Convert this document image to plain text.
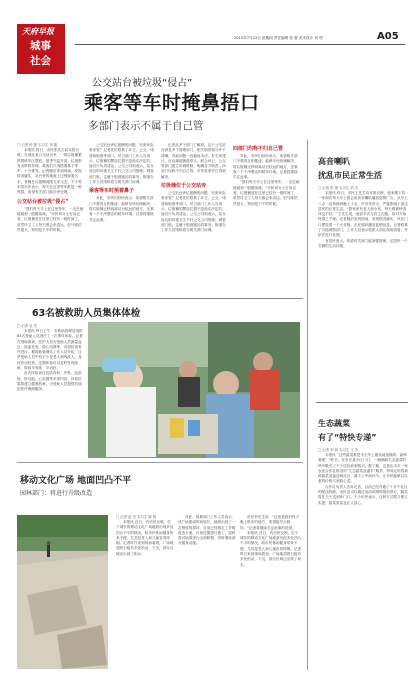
天府早报
城事
社会
2015年7月23日 星期四 责任编辑 张 蕾 美术设计 刘 珺	A05
公交站台被垃圾“侵占”
乘客等车时掩鼻捂口
多部门表示不属于自己管
□ 记者 钟 蕾 实习生 李 璇

本报讯 昨日，市民张先生向本报反映，在城北某公交站台旁，一排垃圾桶紧挨着候车区摆放，夏季气温升高，垃圾散发出阵阵异味，乘客们只得捂着鼻子等车，十分难受。记者随后来到现场，发现情况属实，站台旁的地面上还残留着污水，苍蝇在垃圾桶周围飞来飞去。不少等车的市民表示，每天在这里等车都是一种煎熬，希望有关部门能尽快处理。

公交站台被垃圾“侵占”

“我们每天早上在这里等车，一走近就能闻到一股酸臭味。”市民刘女士告诉记者，垃圾桶放在这里已经有一段时间了，虽然环卫工人每天都会来清运，但气味依然很大，特别是下午的时候。

公交站台旁垃圾桶的问题，究竟该由谁来管？记者先后联系了环卫、公交、城管和街道等部门。环卫部门工作人员表示，垃圾桶的摆放位置不是他们决定的，他们只负责清运；公交公司则表示，站台周边的环境卫生不归公交公司管理；城管部门称，这属于街道辖区的事务；街道办工作人员则称将与相关部门协调。

乘客等车时捂着鼻子

对此，市民们纷纷表示，希望相关部门不要再互相推诿，能够尽快协调解决，将垃圾桶迁移到离站台较远的地方，还乘客一个干净整洁的候车环境。记者将继续关注此事。

记者从多个部门了解到，由于公交站台涉及多个管理部门，相关职责划分并不清晰，导致问题一直悬而未决。有专家建议，应由属地街道牵头，联合环卫、公交等部门建立协调机制，明确各方职责。四部门均称不归自己管，市民希望早日得到解决。

垃圾桶位于公交站旁

公交站台旁垃圾桶的问题，究竟该由谁来管？记者先后联系了环卫、公交、城管和街道等部门。环卫部门工作人员表示，垃圾桶的摆放位置不是他们决定的，他们只负责清运；公交公司则表示，站台周边的环境卫生不归公交公司管理；城管部门称，这属于街道辖区的事务；街道办工作人员则称将与相关部门协调。

四部门均称不归自己管

对此，市民们纷纷表示，希望相关部门不要再互相推诿，能够尽快协调解决，将垃圾桶迁移到离站台较远的地方，还乘客一个干净整洁的候车环境。记者将继续关注此事。

“我们每天早上在这里等车，一走近就能闻到一股酸臭味。”市民刘女士告诉记者，垃圾桶放在这里已经有一段时间了，虽然环卫工人每天都会来清运，但气味依然很大，特别是下午的时候。

高音喇叭
扰乱市民正常生活
□ 记者 张 蕾 实习生 刘 杰

本报讯 昨日，市民王先生向本报反映，他家楼下的一家商店每天早上都会用高音喇叭播放促销广告，从早上八点一直持续到晚上十点，声音非常大，严重影响了周边居民的正常生活。“我家里有老人和小孩，每天都被吵得休息不好。”王先生说，他曾多次与店主沟通，但对方始终置之不理。记者随后来到现场，发现情况属实，该店门口摆放着一个大音箱，正在循环播放促销信息。记者联系了当地城管部门，工作人员表示将派人前往现场查看，并依法进行处理。

有居民表示，希望有关部门能加强管理，还居民一个安静的生活环境。

63名被救助人员集体体检
□ 记者 吴 雪

本报讯 昨日上午，市救助管理站组织63名受助人员进行了一次集体体检。记者在现场看到，医护人员为受助人员测量血压、抽血化验、做心电图等，各项检查有序进行。据救助管理站工作人员介绍，这些受助人员中有不少是老人和残疾人，身体状况较差，定期体检可以及时发现疾病，做到早发现、早治疗。

此次体检项目包括内科、外科、血常规、肝功能、心电图等多项内容，体检结果将建立健康档案，为受助人员提供后续的医疗保障服务。

移动文化广场 地面凹凸不平
园林部门：将进行升级改造
□ 记者 赵 亮 实习生 陈 晨

本报讯 近日，有市民反映，位于城东的移动文化广场地面出现多处凹凸不平的情况，给市民休闲健身带来不便，尤其是老人和儿童容易摔倒。记者昨日来到现场看到，广场地面的石板有多处松动、下沉，部分区域还出现了积水。

对此，园林部门工作人员表示，该广场建成时间较长，地面出现了一定程度的损坏，目前已经制定了升级改造方案，计划近期进行施工，届时将对地面进行全面修整，同时增设部分健身设施。

市民李先生说：“这里是我们每天晚上散步的地方，希望能早点修好。”记者将继续关注此事的进展。

本报讯 近日，有市民反映，位于城东的移动文化广场地面出现多处凹凸不平的情况，给市民休闲健身带来不便，尤其是老人和儿童容易摔倒。记者昨日来到现场看到，广场地面的石板有多处松动、下沉，部分区域还出现了积水。

生态蔬菜
有了“特快专递”
□ 记者 李 明 实习生 王 芳

本报讯 “这些蔬菜都是今天早上刚从地里摘的，新鲜着呢！”昨日，在市区某小区门口，一辆满载生态蔬菜的货车吸引了不少居民前来购买。据了解，这是由本市一家农业合作社推出的“生态蔬菜直通车”服务，每周定时将新鲜蔬菜直接送到社区，减少了中间环节，让市民能够以实惠的价格买到放心菜。

合作社负责人告诉记者，目前已经开通了十多个社区的配送线路，市民也可以通过电话或网络提前预订，蔬菜将在当天送到家门口。不少市民表示，这种方式既方便又实惠，蔬菜质量也让人放心。
